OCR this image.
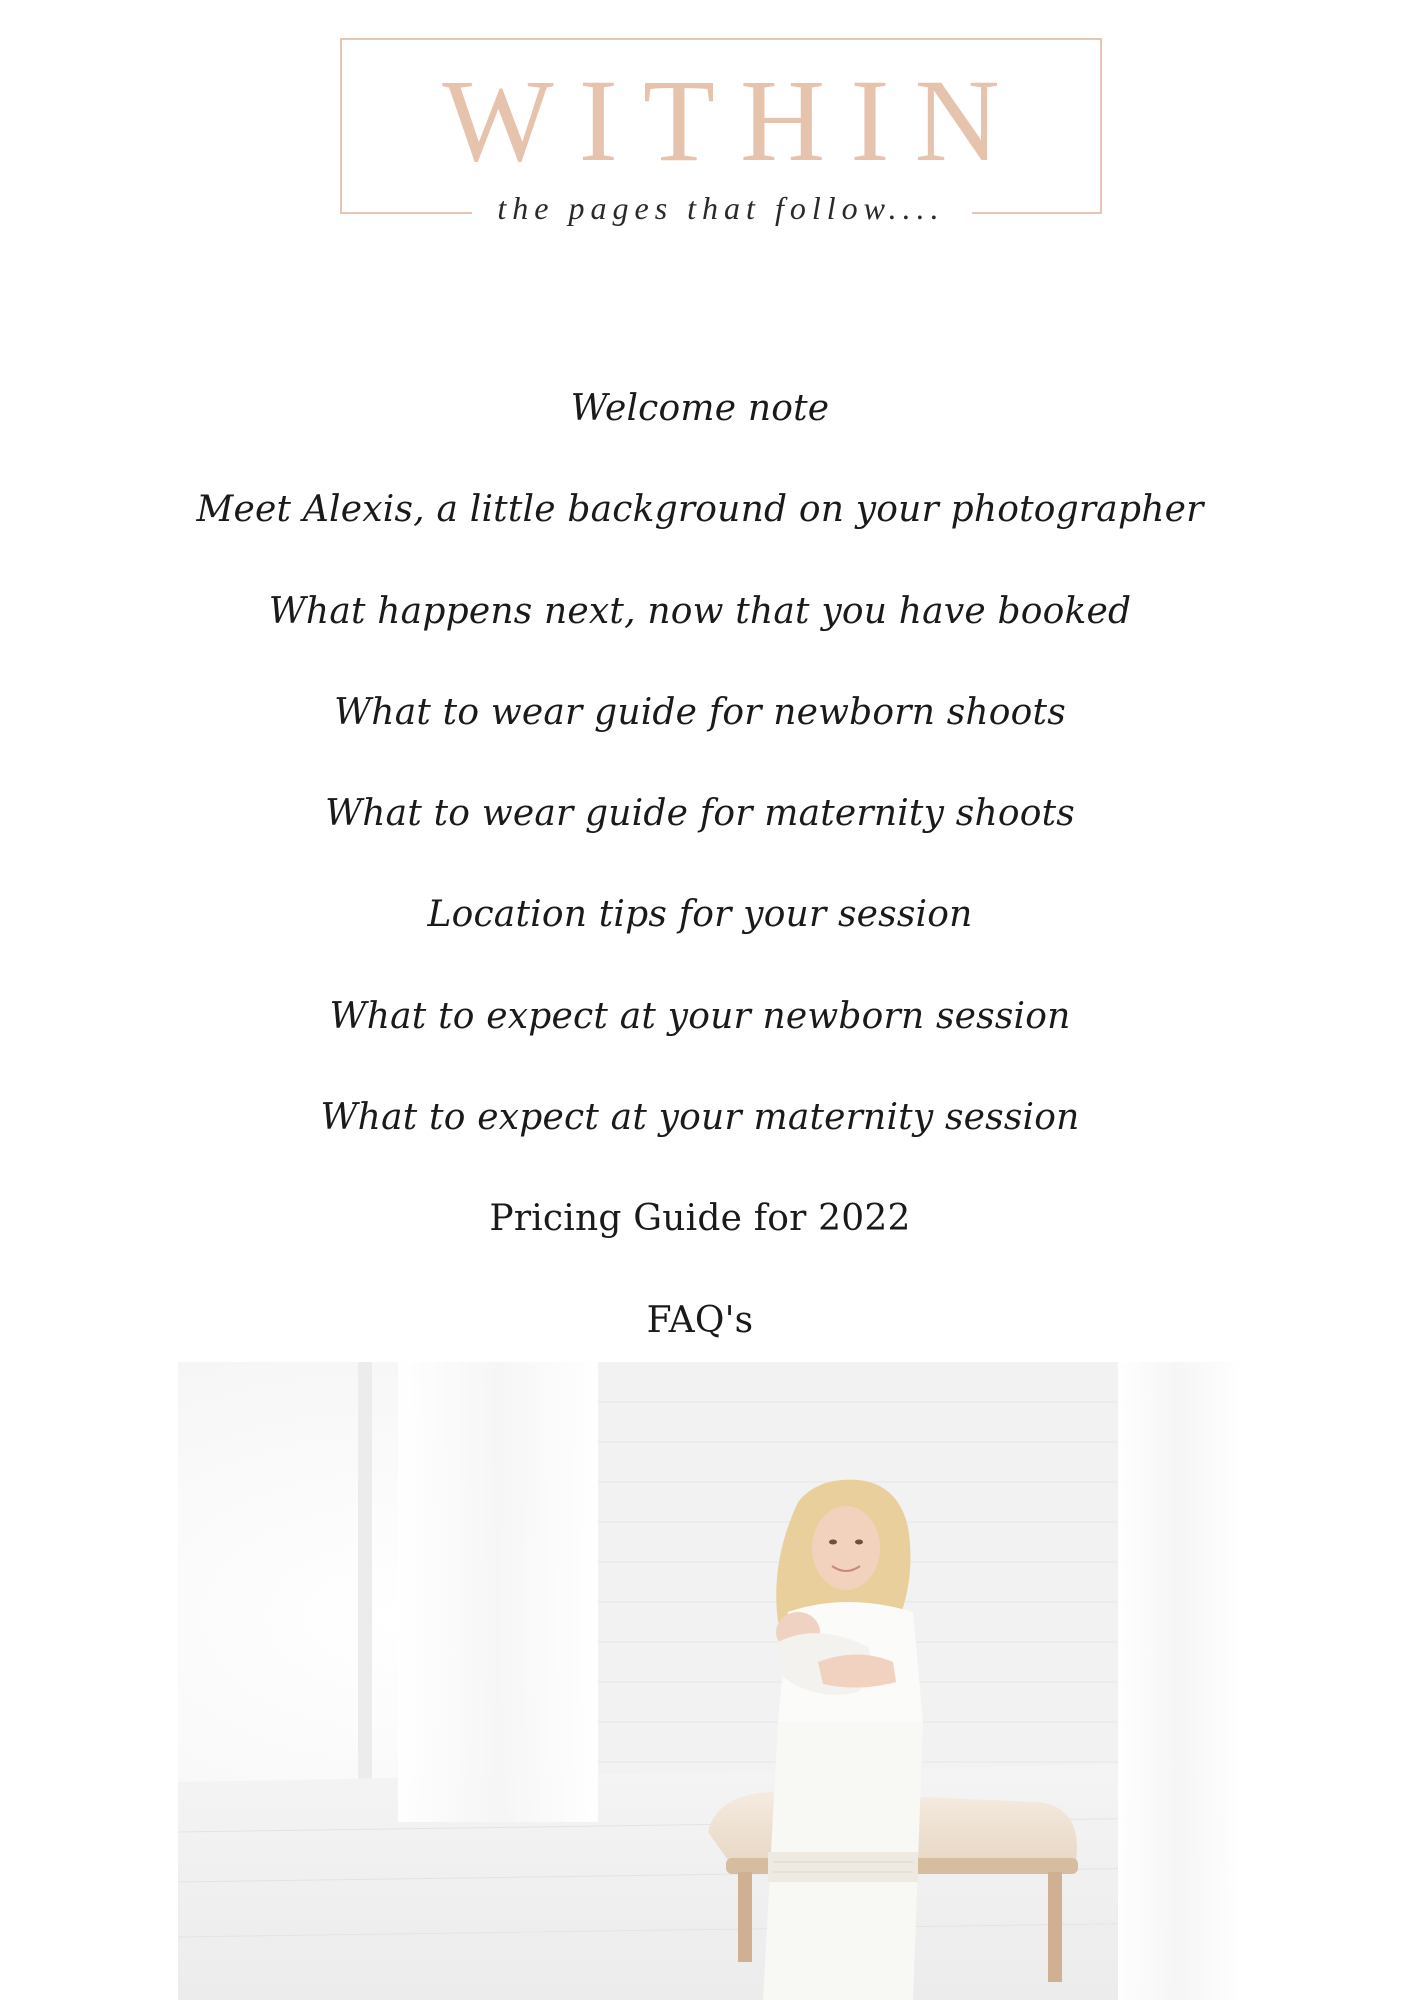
WITHIN
the pages that follow....
Welcome note
Meet Alexis, a little background on your photographer
What happens next, now that you have booked
What to wear guide for newborn shoots
What to wear guide for maternity shoots
Location tips for your session
What to expect at your newborn session
What to expect at your maternity session
Pricing Guide for 2022
FAQ's
